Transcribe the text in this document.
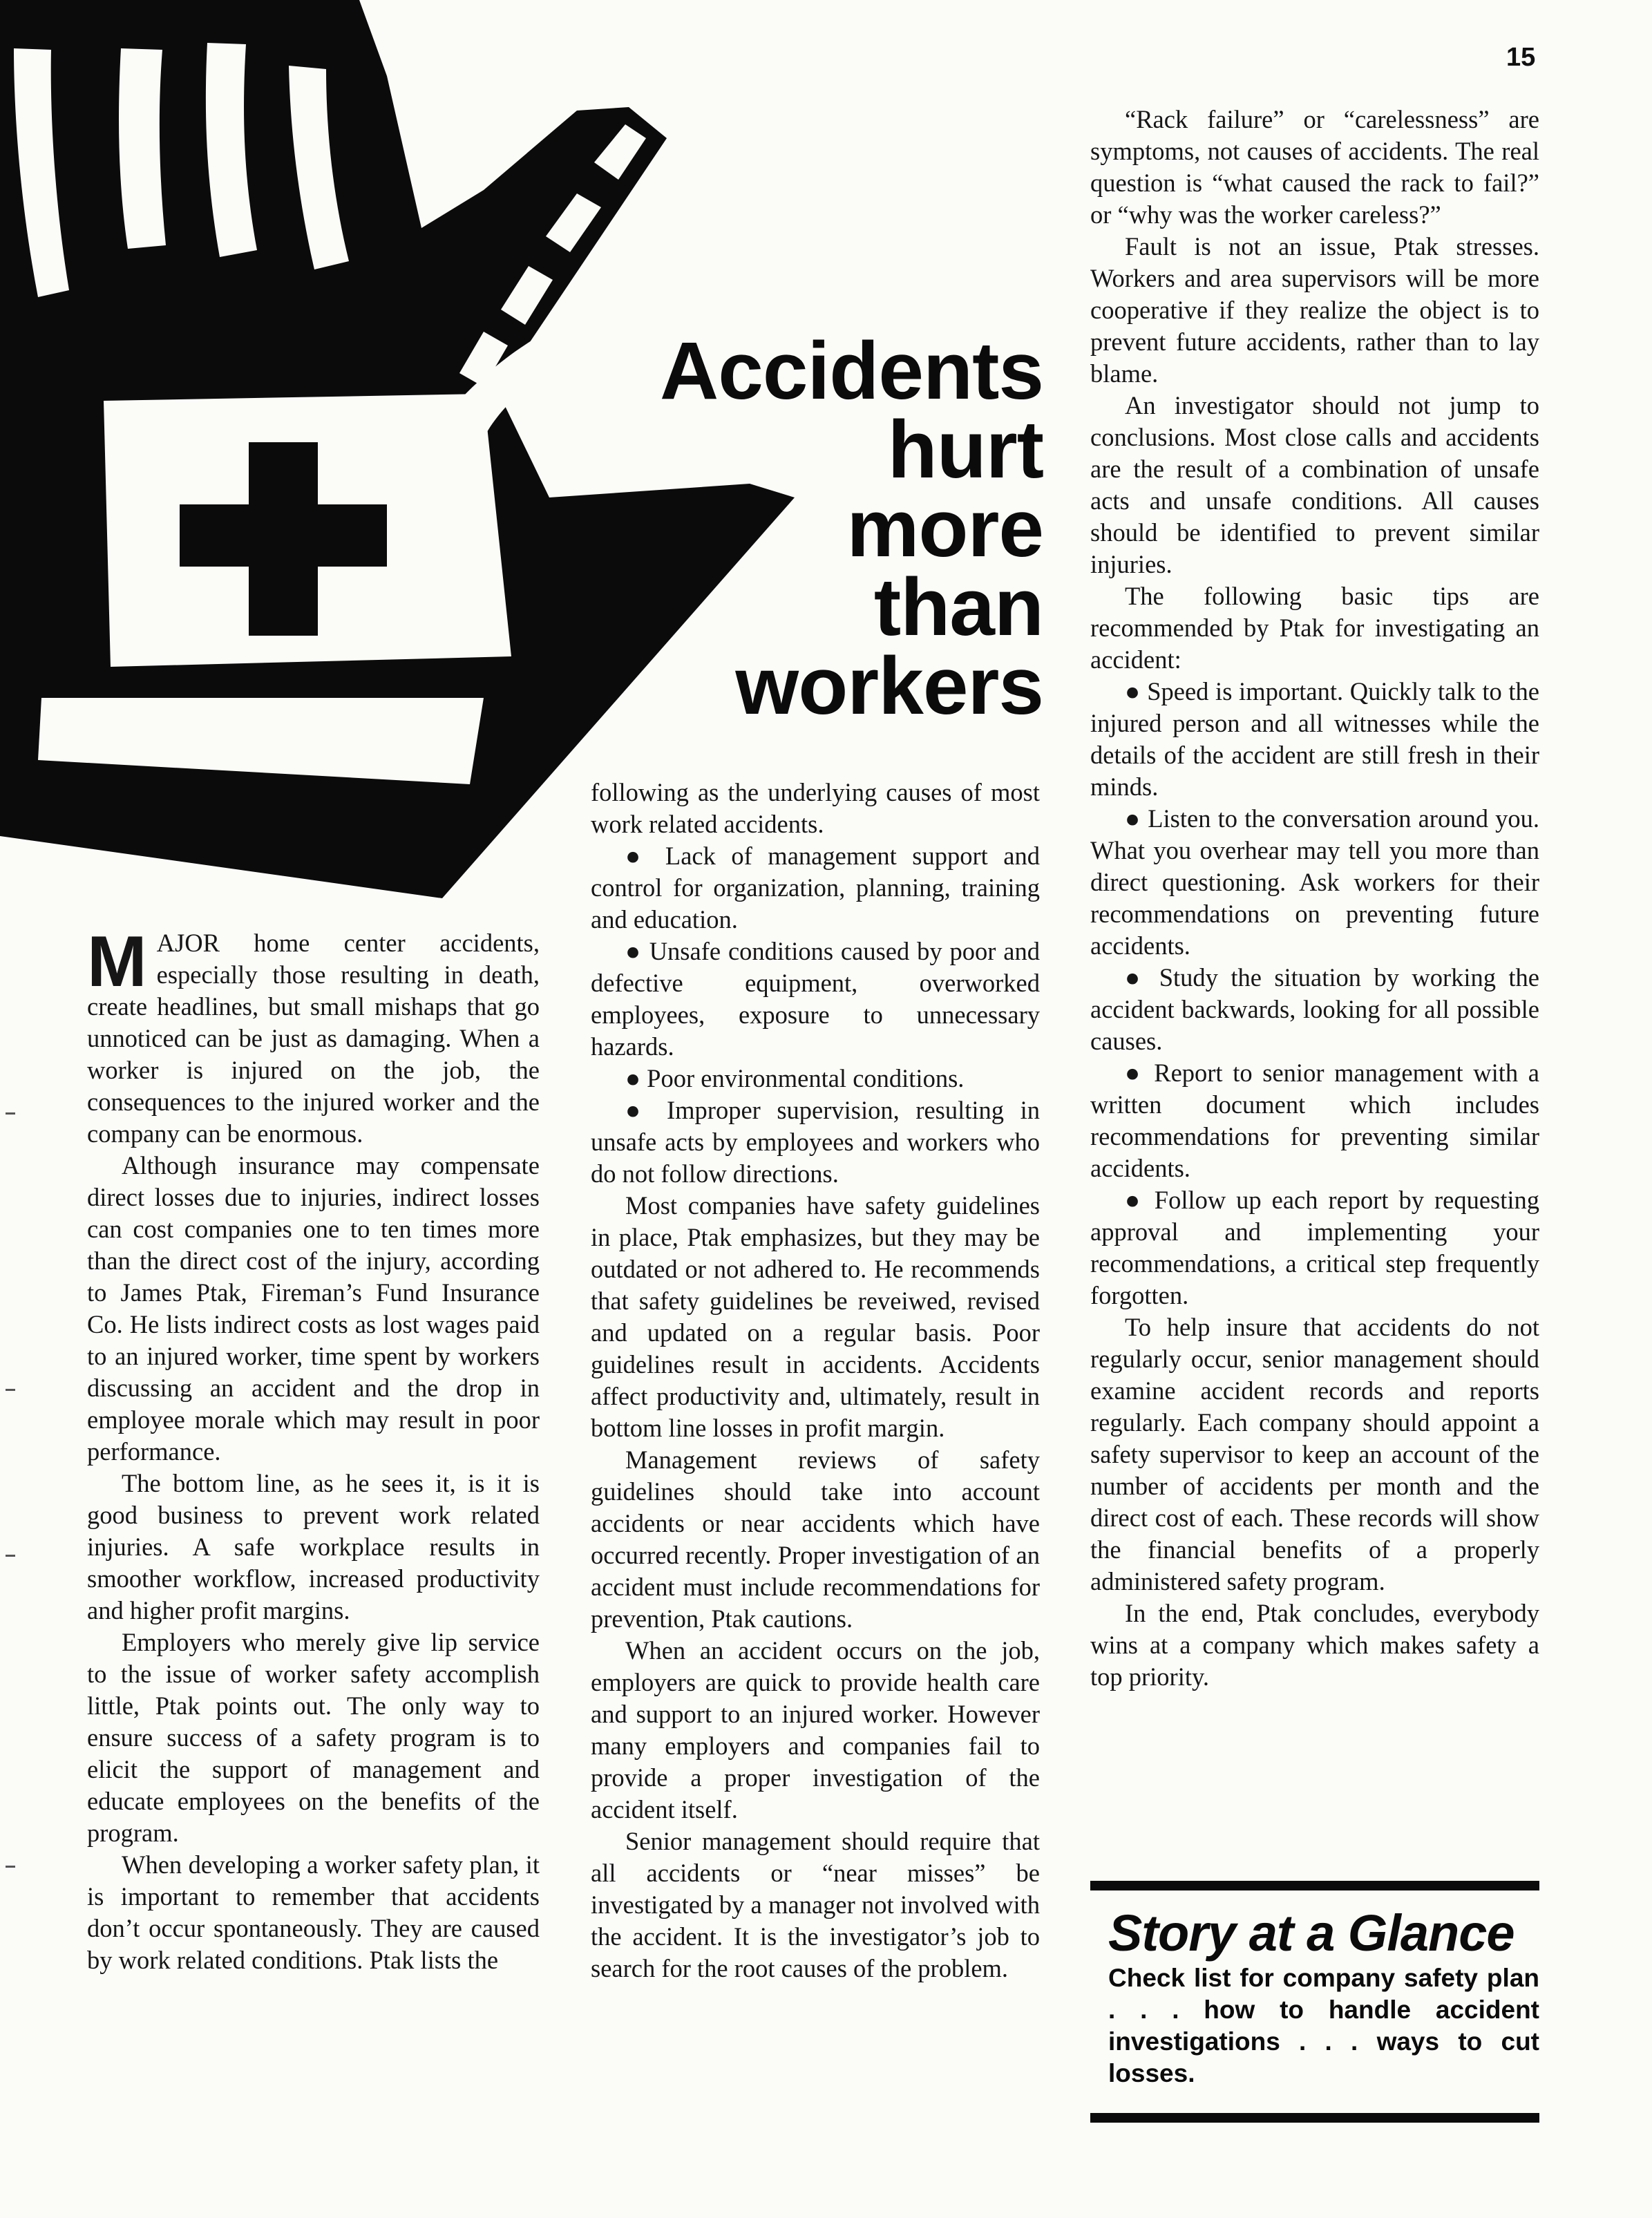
15
Accidents
hurt
more
than
workers

MAJOR home center accidents, especially those resulting in death, create headlines, but small mishaps that go unnoticed can be just as damaging. When a worker is injured on the job, the consequences to the injured worker and the company can be enormous.

Although insurance may compensate direct losses due to injuries, indirect losses can cost companies one to ten times more than the direct cost of the injury, according to James Ptak, Fireman’s Fund Insurance Co. He lists indirect costs as lost wages paid to an injured worker, time spent by workers discussing an accident and the drop in employee morale which may result in poor performance.

The bottom line, as he sees it, is it is good business to prevent work related injuries. A safe workplace results in smoother workflow, increased productivity and higher profit margins.

Employers who merely give lip service to the issue of worker safety accomplish little, Ptak points out. The only way to ensure success of a safety program is to elicit the support of management and educate employees on the benefits of the program.

When developing a worker safety plan, it is important to remember that accidents don’t occur spontaneously. They are caused by work related conditions. Ptak lists the

following as the underlying causes of most work related accidents.

● Lack of management support and control for organization, planning, training and education.

● Unsafe conditions caused by poor and defective equipment, overworked employees, exposure to unnecessary hazards.

● Poor environmental conditions.

● Improper supervision, resulting in unsafe acts by employees and workers who do not follow directions.

Most companies have safety guidelines in place, Ptak emphasizes, but they may be outdated or not adhered to. He recommends that safety guidelines be reveiwed, revised and updated on a regular basis. Poor guidelines result in accidents. Accidents affect productivity and, ultimately, result in bottom line losses in profit margin.

Management reviews of safety guidelines should take into account accidents or near accidents which have occurred recently. Proper investigation of an accident must include recommendations for prevention, Ptak cautions.

When an accident occurs on the job, employers are quick to provide health care and support to an injured worker. However many employers and companies fail to provide a proper investigation of the accident itself.

Senior management should require that all accidents or “near misses” be investigated by a manager not involved with the accident. It is the investigator’s job to search for the root causes of the problem.

“Rack failure” or “carelessness” are symptoms, not causes of accidents. The real question is “what caused the rack to fail?” or “why was the worker careless?”

Fault is not an issue, Ptak stresses. Workers and area supervisors will be more cooperative if they realize the object is to prevent future accidents, rather than to lay blame.

An investigator should not jump to conclusions. Most close calls and accidents are the result of a combination of unsafe acts and unsafe conditions. All causes should be identified to prevent similar injuries.

The following basic tips are recommended by Ptak for investigating an accident:

● Speed is important. Quickly talk to the injured person and all witnesses while the details of the accident are still fresh in their minds.

● Listen to the conversation around you. What you overhear may tell you more than direct questioning. Ask workers for their recommendations on preventing future accidents.

● Study the situation by working the accident backwards, looking for all possible causes.

● Report to senior management with a written document which includes recommendations for preventing similar accidents.

● Follow up each report by requesting approval and implementing your recommendations, a critical step frequently forgotten.

To help insure that accidents do not regularly occur, senior management should examine accident records and reports regularly. Each company should appoint a safety supervisor to keep an account of the number of accidents per month and the direct cost of each. These records will show the financial benefits of a properly administered safety program.

In the end, Ptak concludes, everybody wins at a company which makes safety a top priority.

Story at a Glance
Check list for company safety plan . . . how to handle accident investigations . . . ways to cut losses.
